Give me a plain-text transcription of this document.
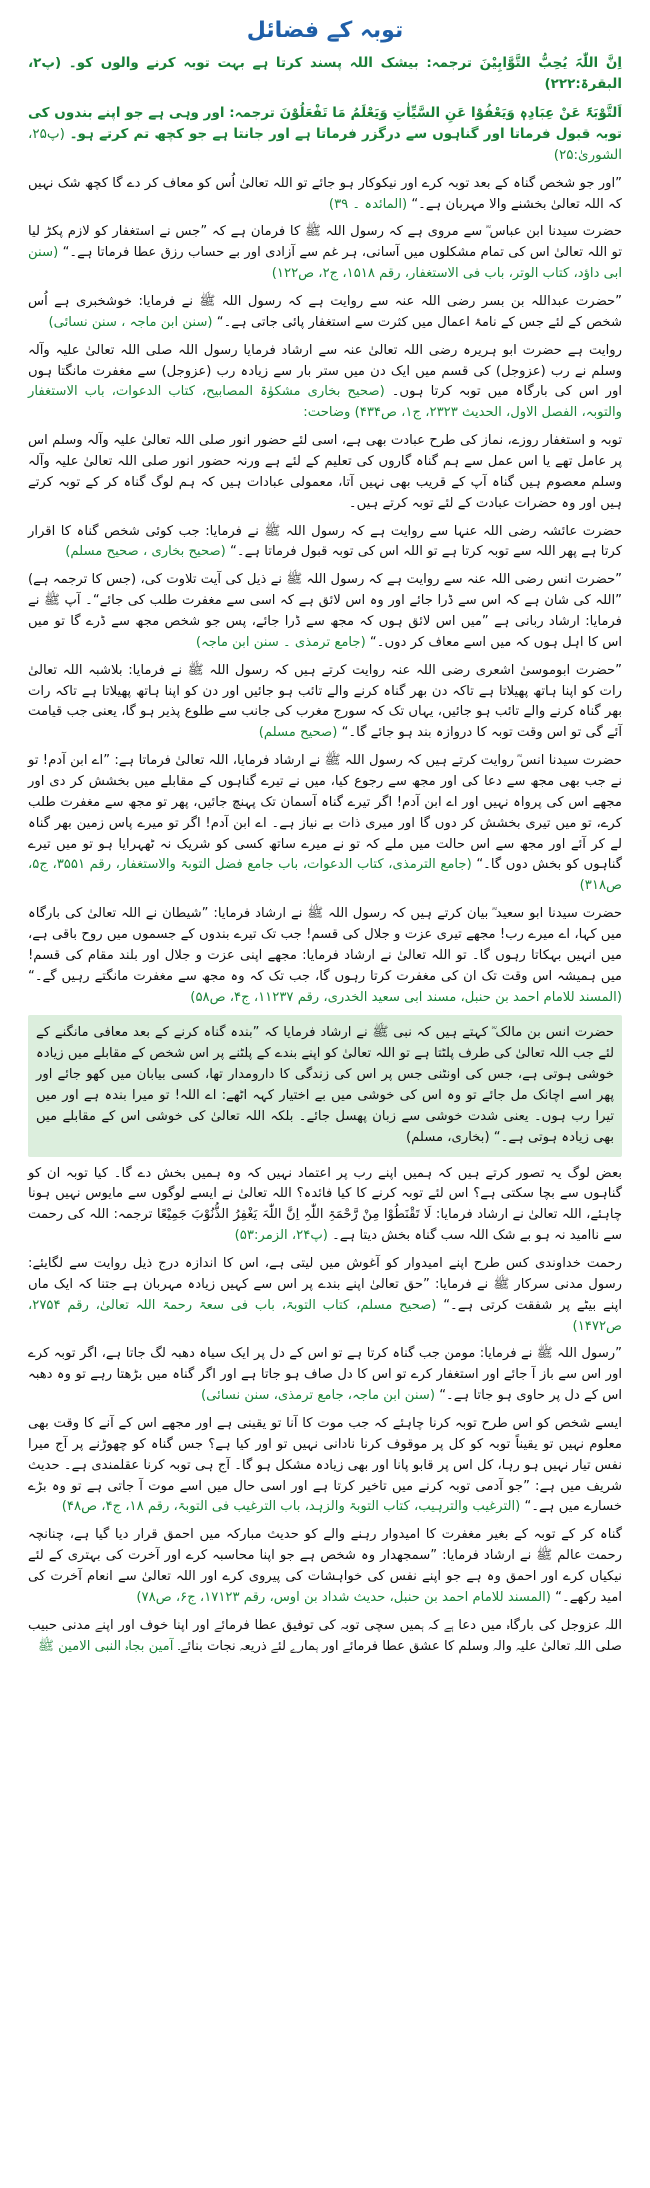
توبہ کے فضائل

اِنَّ اللّٰہَ یُحِبُّ التَّوَّابِیْنَ ترجمہ: بیشک اللہ پسند کرتا ہے بہت توبہ کرنے والوں کو۔ (پ۲، البقرۃ:۲۲۲)

اَلتَّوْبَۃَ عَنْ عِبَادِہٖ وَیَعْفُوْا عَنِ السَّیِّاٰتِ وَیَعْلَمُ مَا تَفْعَلُوْنَ ترجمہ: اور وہی ہے جو اپنے بندوں کی توبہ قبول فرماتا اور گناہوں سے درگزر فرماتا ہے اور جانتا ہے جو کچھ تم کرتے ہو۔ (پ۲۵، الشوریٰ:۲۵)

”اور جو شخص گناہ کے بعد توبہ کرے اور نیکوکار ہو جائے تو اللہ تعالیٰ اُس کو معاف کر دے گا کچھ شک نہیں کہ اللہ تعالیٰ بخشنے والا مہربان ہے۔“ (المائدہ ۔ ۳۹)

حضرت سیدنا ابن عباس ؓ سے مروی ہے کہ رسول اللہ ﷺ کا فرمان ہے کہ ”جس نے استغفار کو لازم پکڑ لیا تو اللہ تعالیٰ اس کی تمام مشکلوں میں آسانی، ہر غم سے آزادی اور بے حساب رزق عطا فرماتا ہے۔“ (سنن ابی داؤد، کتاب الوتر، باب فی الاستغفار، رقم ۱۵۱۸، ج۲، ص۱۲۲)

”حضرت عبداللہ بن بسر رضی اللہ عنہ سے روایت ہے کہ رسول اللہ ﷺ نے فرمایا: خوشخبری ہے اُس شخص کے لئے جس کے نامۂ اعمال میں کثرت سے استغفار پائی جاتی ہے۔“ (سنن ابن ماجہ ، سنن نسائی)

روایت ہے حضرت ابو ہریرہ رضی اللہ تعالیٰ عنہ سے ارشاد فرمایا رسول اللہ صلی اللہ تعالیٰ علیہ وآلہ وسلم نے رب (عزوجل) کی قسم میں ایک دن میں ستر بار سے زیادہ رب (عزوجل) سے مغفرت مانگتا ہوں اور اس کی بارگاہ میں توبہ کرتا ہوں۔ (صحیح بخاری مشکوٰۃ المصابیح، کتاب الدعوات، باب الاستغفار والتوبہ، الفصل الاول، الحدیث ۲۳۲۳، ج۱، ص۴۳۴) وضاحت:

توبہ و استغفار روزے، نماز کی طرح عبادت بھی ہے، اسی لئے حضور انور صلی اللہ تعالیٰ علیہ وآلہ وسلم اس پر عامل تھے یا اس عمل سے ہم گناہ گاروں کی تعلیم کے لئے ہے ورنہ حضور انور صلی اللہ تعالیٰ علیہ وآلہ وسلم معصوم ہیں گناہ آپ کے قریب بھی نہیں آتا، معمولی عبادات ہیں کہ ہم لوگ گناہ کر کے توبہ کرتے ہیں اور وہ حضرات عبادت کے لئے توبہ کرتے ہیں۔

حضرت عائشہ رضی اللہ عنہا سے روایت ہے کہ رسول اللہ ﷺ نے فرمایا: جب کوئی شخص گناہ کا اقرار کرتا ہے پھر اللہ سے توبہ کرتا ہے تو اللہ اس کی توبہ قبول فرماتا ہے۔“ (صحیح بخاری ، صحیح مسلم)

”حضرت انس رضی اللہ عنہ سے روایت ہے کہ رسول اللہ ﷺ نے ذیل کی آیت تلاوت کی، (جس کا ترجمہ ہے) ”اللہ کی شان ہے کہ اس سے ڈرا جائے اور وہ اس لائق ہے کہ اسی سے مغفرت طلب کی جائے“۔ آپ ﷺ نے فرمایا: ارشاد ربانی ہے ”میں اس لائق ہوں کہ مجھ سے ڈرا جائے، پس جو شخص مجھ سے ڈرے گا تو میں اس کا اہل ہوں کہ میں اسے معاف کر دوں۔“ (جامع ترمذی ۔ سنن ابن ماجہ)

”حضرت ابوموسیٰ اشعری رضی اللہ عنہ روایت کرتے ہیں کہ رسول اللہ ﷺ نے فرمایا: بلاشبہ اللہ تعالیٰ رات کو اپنا ہاتھ پھیلاتا ہے تاکہ دن بھر گناہ کرنے والے تائب ہو جائیں اور دن کو اپنا ہاتھ پھیلاتا ہے تاکہ رات بھر گناہ کرنے والے تائب ہو جائیں، یہاں تک کہ سورج مغرب کی جانب سے طلوع پذیر ہو گا، یعنی جب قیامت آئے گی تو اس وقت توبہ کا دروازہ بند ہو جائے گا۔“ (صحیح مسلم)

حضرت سیدنا انس ؓ روایت کرتے ہیں کہ رسول اللہ ﷺ نے ارشاد فرمایا، اللہ تعالیٰ فرماتا ہے: ”اے ابن آدم! تو نے جب بھی مجھ سے دعا کی اور مجھ سے رجوع کیا، میں نے تیرے گناہوں کے مقابلے میں بخشش کر دی اور مجھے اس کی پرواہ نہیں اور اے ابن آدم! اگر تیرے گناہ آسمان تک پہنچ جائیں، پھر تو مجھ سے مغفرت طلب کرے، تو میں تیری بخشش کر دوں گا اور میری ذات بے نیاز ہے۔ اے ابن آدم! اگر تو میرے پاس زمین بھر گناہ لے کر آئے اور مجھ سے اس حالت میں ملے کہ تو نے میرے ساتھ کسی کو شریک نہ ٹھہرایا ہو تو میں تیرے گناہوں کو بخش دوں گا۔“ (جامع الترمذی، کتاب الدعوات، باب جامع فضل التوبۃ والاستغفار، رقم ۳۵۵۱، ج۵، ص۳۱۸)

حضرت سیدنا ابو سعید ؓ بیان کرتے ہیں کہ رسول اللہ ﷺ نے ارشاد فرمایا: ”شیطان نے اللہ تعالیٰ کی بارگاہ میں کہا، اے میرے رب! مجھے تیری عزت و جلال کی قسم! جب تک تیرے بندوں کے جسموں میں روح باقی ہے، میں انہیں بہکاتا رہوں گا۔ تو اللہ تعالیٰ نے ارشاد فرمایا: مجھے اپنی عزت و جلال اور بلند مقام کی قسم! میں ہمیشہ اس وقت تک ان کی مغفرت کرتا رہوں گا، جب تک کہ وہ مجھ سے مغفرت مانگتے رہیں گے۔“ (المسند للامام احمد بن حنبل، مسند ابی سعید الخدری، رقم ۱۱۲۳۷، ج۴، ص۵۸)

حضرت انس بن مالک ؓ کہتے ہیں کہ نبی ﷺ نے ارشاد فرمایا کہ ”بندہ گناہ کرنے کے بعد معافی مانگنے کے لئے جب اللہ تعالیٰ کی طرف پلٹتا ہے تو اللہ تعالیٰ کو اپنے بندے کے پلٹنے پر اس شخص کے مقابلے میں زیادہ خوشی ہوتی ہے، جس کی اونٹنی جس پر اس کی زندگی کا دارومدار تھا، کسی بیابان میں کھو جائے اور پھر اسے اچانک مل جائے تو وہ اس کی خوشی میں بے اختیار کہہ اٹھے: اے اللہ! تو میرا بندہ ہے اور میں تیرا رب ہوں۔ یعنی شدت خوشی سے زبان پھسل جائے۔ بلکہ اللہ تعالیٰ کی خوشی اس کے مقابلے میں بھی زیادہ ہوتی ہے۔“ (بخاری، مسلم)

بعض لوگ یہ تصور کرتے ہیں کہ ہمیں اپنے رب پر اعتماد نہیں کہ وہ ہمیں بخش دے گا۔ کیا توبہ ان کو گناہوں سے بچا سکتی ہے؟ اس لئے توبہ کرنے کا کیا فائدہ؟ اللہ تعالیٰ نے ایسے لوگوں سے مایوس نہیں ہونا چاہئے، اللہ تعالیٰ نے ارشاد فرمایا: لَا تَقْنَطُوْا مِنْ رَّحْمَۃِ اللّٰہِ اِنَّ اللّٰہَ یَغْفِرُ الذُّنُوْبَ جَمِیْعًا ترجمہ: اللہ کی رحمت سے ناامید نہ ہو بے شک اللہ سب گناہ بخش دیتا ہے۔ (پ۲۴، الزمر:۵۳)

رحمت خداوندی کس طرح اپنے امیدوار کو آغوش میں لیتی ہے، اس کا اندازہ درج ذیل روایت سے لگایئے: رسول مدنی سرکار ﷺ نے فرمایا: ”حق تعالیٰ اپنے بندے پر اس سے کہیں زیادہ مہربان ہے جتنا کہ ایک ماں اپنے بیٹے پر شفقت کرتی ہے۔“ (صحیح مسلم، کتاب التوبۃ، باب فی سعۃ رحمۃ اللہ تعالیٰ، رقم ۲۷۵۴، ص۱۴۷۲)

”رسول اللہ ﷺ نے فرمایا: مومن جب گناہ کرتا ہے تو اس کے دل پر ایک سیاہ دھبہ لگ جاتا ہے، اگر توبہ کرے اور اس سے باز آ جائے اور استغفار کرے تو اس کا دل صاف ہو جاتا ہے اور اگر گناہ میں بڑھتا رہے تو وہ دھبہ اس کے دل پر حاوی ہو جاتا ہے۔“ (سنن ابن ماجہ، جامع ترمذی، سنن نسائی)

ایسے شخص کو اس طرح توبہ کرنا چاہئے کہ جب موت کا آنا تو یقینی ہے اور مجھے اس کے آنے کا وقت بھی معلوم نہیں تو یقیناً توبہ کو کل پر موقوف کرنا نادانی نہیں تو اور کیا ہے؟ جس گناہ کو چھوڑنے پر آج میرا نفس تیار نہیں ہو رہا، کل اس پر قابو پانا اور بھی زیادہ مشکل ہو گا۔ آج ہی توبہ کرنا عقلمندی ہے۔ حدیث شریف میں ہے: ”جو آدمی توبہ کرنے میں تاخیر کرتا ہے اور اسی حال میں اسے موت آ جاتی ہے تو وہ بڑے خسارے میں ہے۔“ (الترغیب والترہیب، کتاب التوبۃ والزہد، باب الترغیب فی التوبۃ، رقم ۱۸، ج۴، ص۴۸)

گناہ کر کے توبہ کے بغیر مغفرت کا امیدوار رہنے والے کو حدیث مبارکہ میں احمق قرار دیا گیا ہے، چنانچہ رحمت عالم ﷺ نے ارشاد فرمایا: ”سمجھدار وہ شخص ہے جو اپنا محاسبہ کرے اور آخرت کی بہتری کے لئے نیکیاں کرے اور احمق وہ ہے جو اپنے نفس کی خواہشات کی پیروی کرے اور اللہ تعالیٰ سے انعام آخرت کی امید رکھے۔“ (المسند للامام احمد بن حنبل، حدیث شداد بن اوس، رقم ۱۷۱۲۳، ج۶، ص۷۸)

اللہ عزوجل کی بارگاہ میں دعا ہے کہ ہمیں سچی توبہ کی توفیق عطا فرمائے اور اپنا خوف اور اپنے مدنی حبیب صلی اللہ تعالیٰ علیہ والہ وسلم کا عشق عطا فرمائے اور ہمارے لئے ذریعہ نجات بنائے۔ آمین بجاہ النبی الامین ﷺ
